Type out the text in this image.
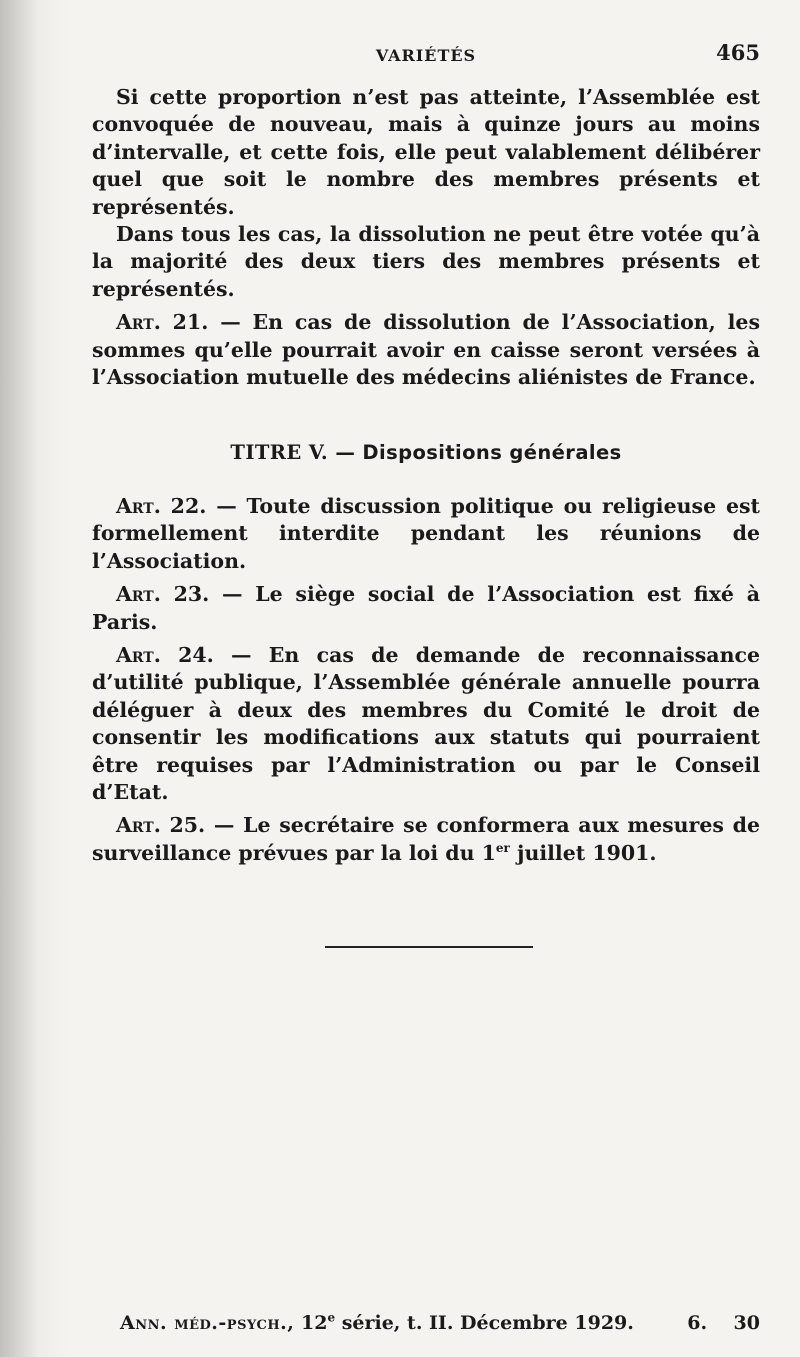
VARIÉTÉS	465

Si cette proportion n’est pas atteinte, l’Assemblée est convoquée de nouveau, mais à quinze jours au moins d’intervalle, et cette fois, elle peut valablement délibérer quel que soit le nombre des membres présents et représentés.

Dans tous les cas, la dissolution ne peut être votée qu’à la majorité des deux tiers des membres présents et représentés.

Art. 21. — En cas de dissolution de l’Association, les sommes qu’elle pourrait avoir en caisse seront versées à l’Association mutuelle des médecins aliénistes de France.

TITRE V. — Dispositions générales

Art. 22. — Toute discussion politique ou religieuse est formellement interdite pendant les réunions de l’Association.

Art. 23. — Le siège social de l’Association est fixé à Paris.

Art. 24. — En cas de demande de reconnaissance d’utilité publique, l’Assemblée générale annuelle pourra déléguer à deux des membres du Comité le droit de consentir les modifications aux statuts qui pourraient être requises par l’Administration ou par le Conseil d’Etat.

Art. 25. — Le secrétaire se conformera aux mesures de surveillance prévues par la loi du 1er juillet 1901.

Ann. méd.-psych., 12e série, t. II. Décembre 1929.	6.    30
